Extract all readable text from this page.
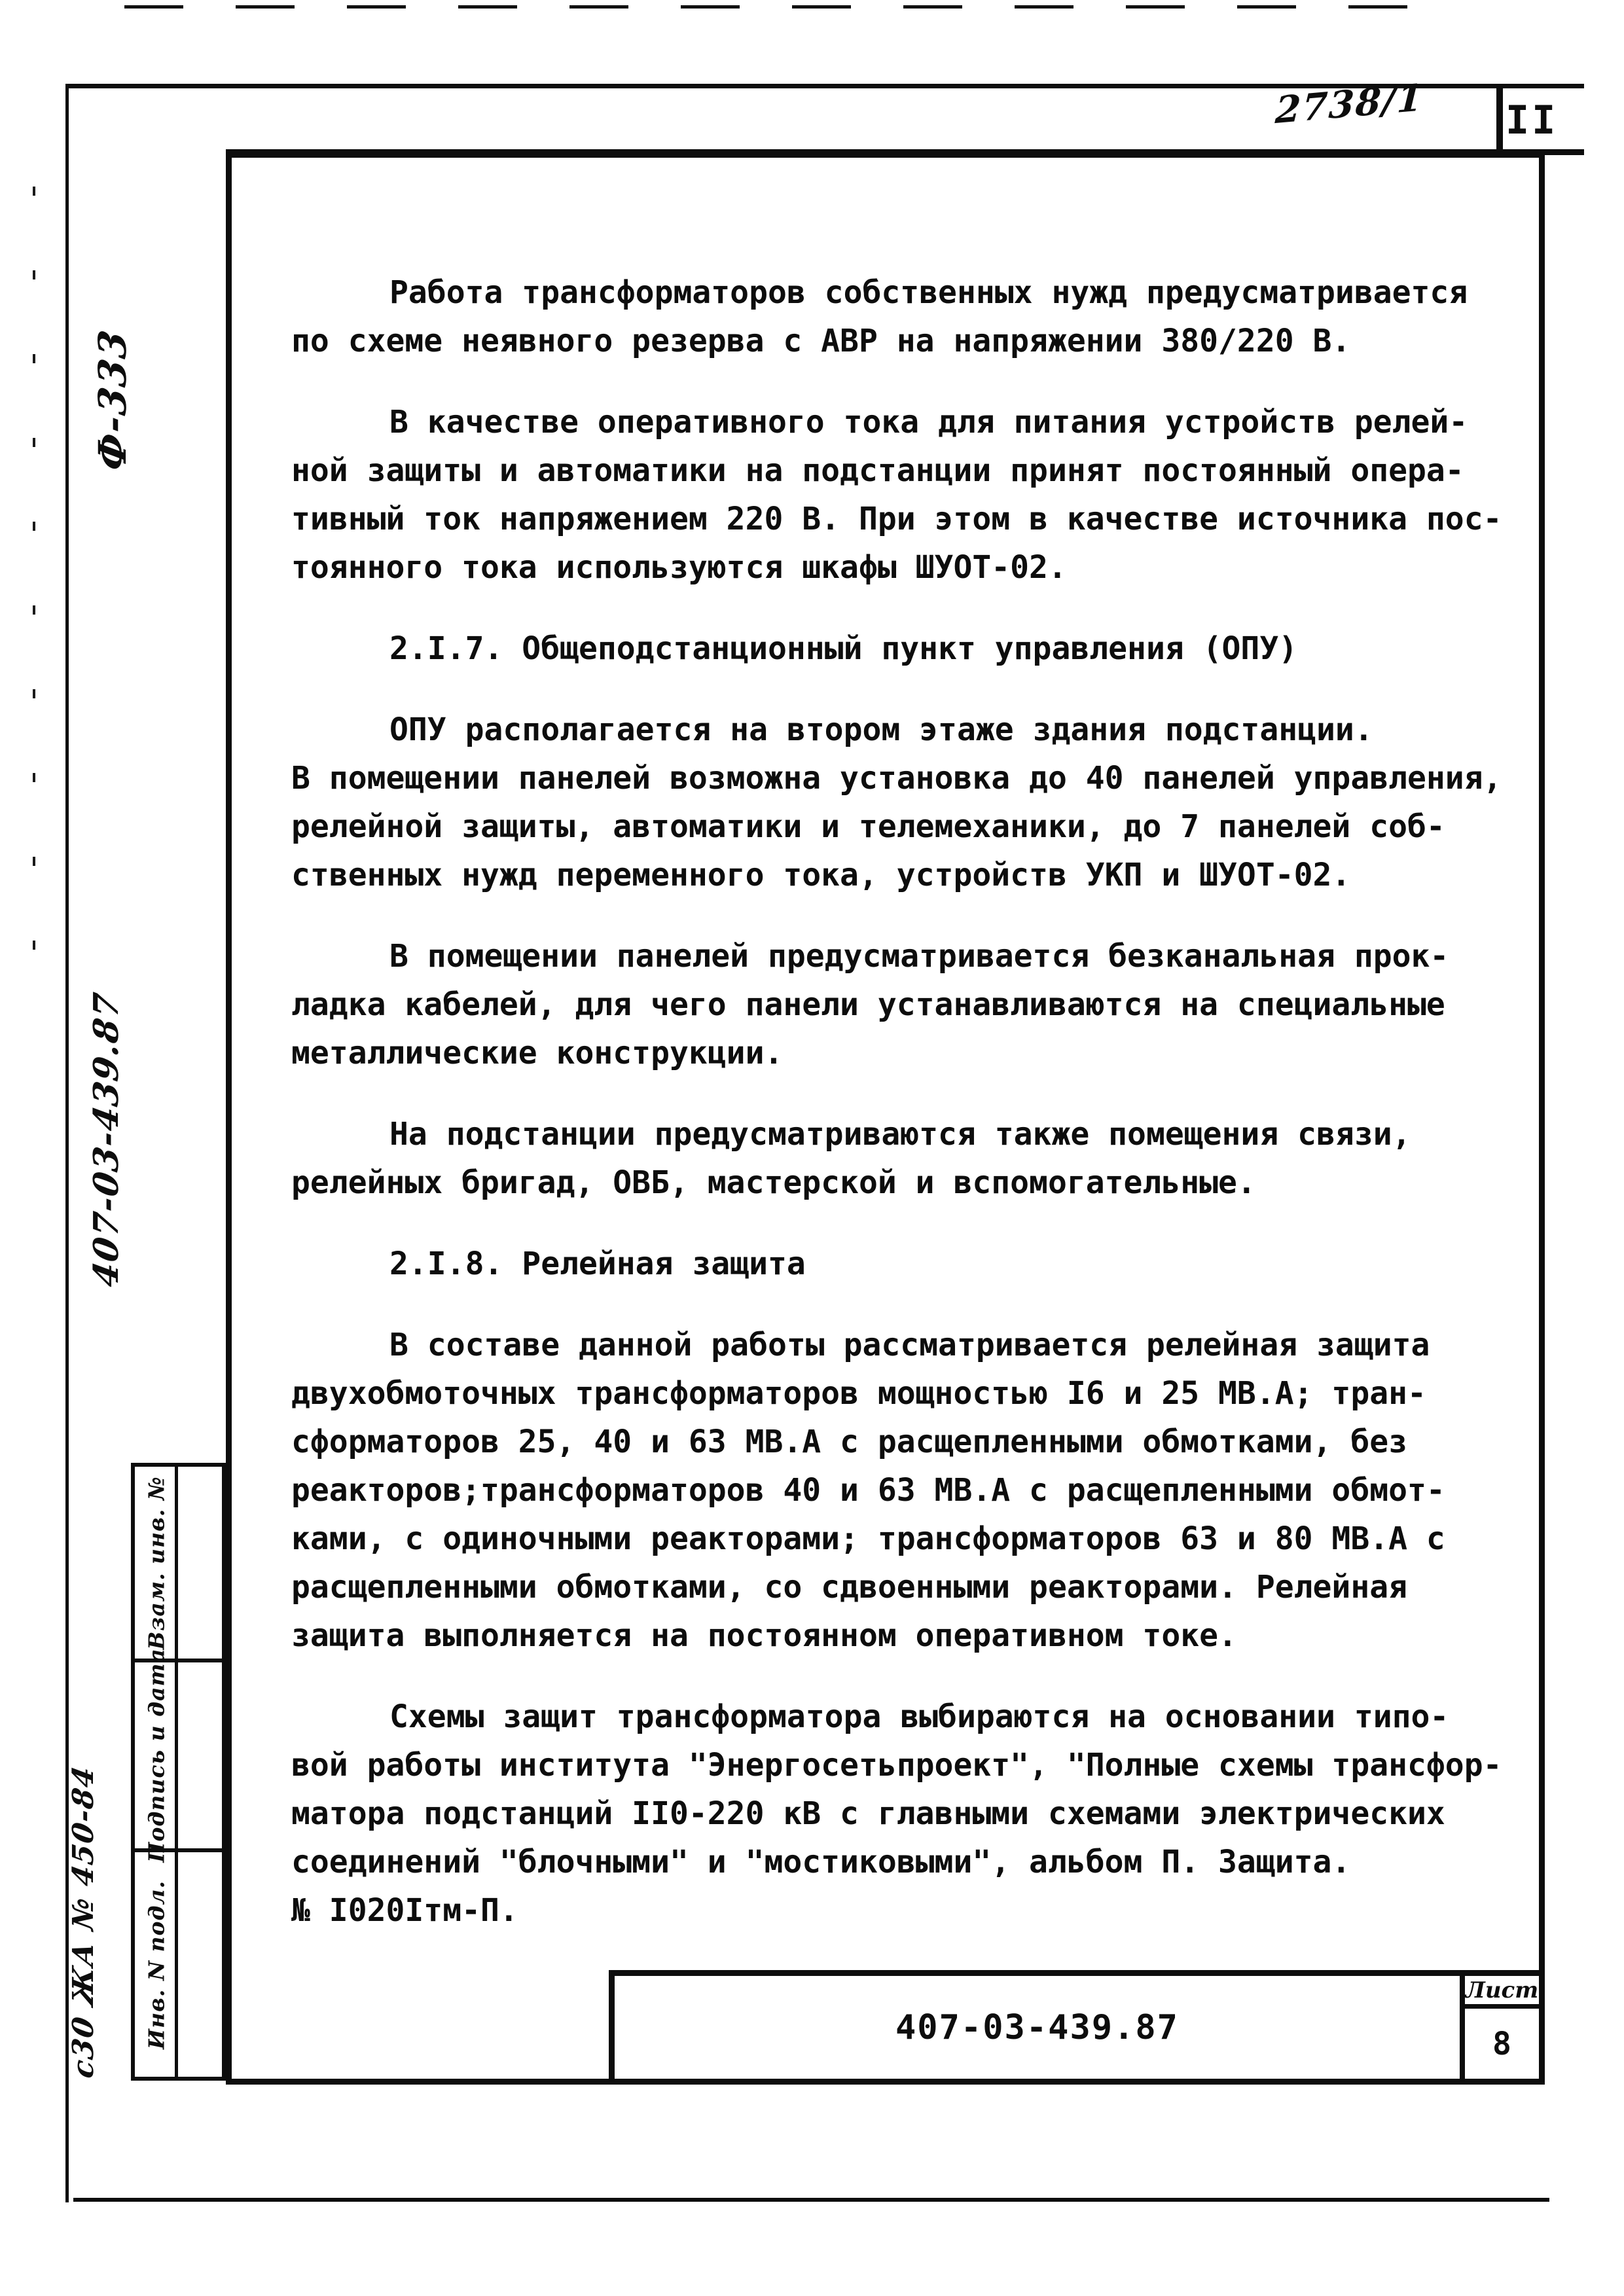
II
2738/1
Работа трансформаторов собственных нужд предусматривается
по схеме неявного резерва с АВР на напряжении 380/220 В.
В качестве оперативного тока для питания устройств релей-
ной защиты и автоматики на подстанции принят постоянный опера-
тивный ток напряжением 220 В. При этом в качестве источника пос-
тоянного тока используются шкафы ШУОТ-02.
2.I.7. Общеподстанционный пункт управления (ОПУ)
ОПУ располагается на втором этаже здания подстанции.
В помещении панелей возможна установка до 40 панелей управления,
релейной защиты, автоматики и телемеханики, до 7 панелей соб-
ственных нужд переменного тока, устройств УКП и ШУОТ-02.
В помещении панелей предусматривается безканальная прок-
ладка кабелей, для чего панели устанавливаются на специальные
металлические конструкции.
На подстанции предусматриваются также помещения связи,
релейных бригад, ОВБ, мастерской и вспомогательные.
2.I.8. Релейная защита
В составе данной работы рассматривается релейная защита
двухобмоточных трансформаторов мощностью I6 и 25 МВ.А; тран-
сформаторов 25, 40 и 63 МВ.А с расщепленными обмотками, без
реакторов;трансформаторов 40 и 63 МВ.А с расщепленными обмот-
ками, с одиночными реакторами; трансформаторов 63 и 80 МВ.А с
расщепленными обмотками, со сдвоенными реакторами. Релейная
защита выполняется на постоянном оперативном токе.
Схемы защит трансформатора выбираются на основании типо-
вой работы института "Энергосетьпроект", "Полные схемы трансфор-
матора подстанций II0-220 кВ с главными схемами электрических
соединений "блочными" и "мостиковыми", альбом П. Защита.
№ I020Iтм-П.
Ф-333
407-03-439.87
с30 ЖА № 450-84
Взам. инв. №
Подпись и дата
Инв. N подл.	407-03-439.87
Лист
8
